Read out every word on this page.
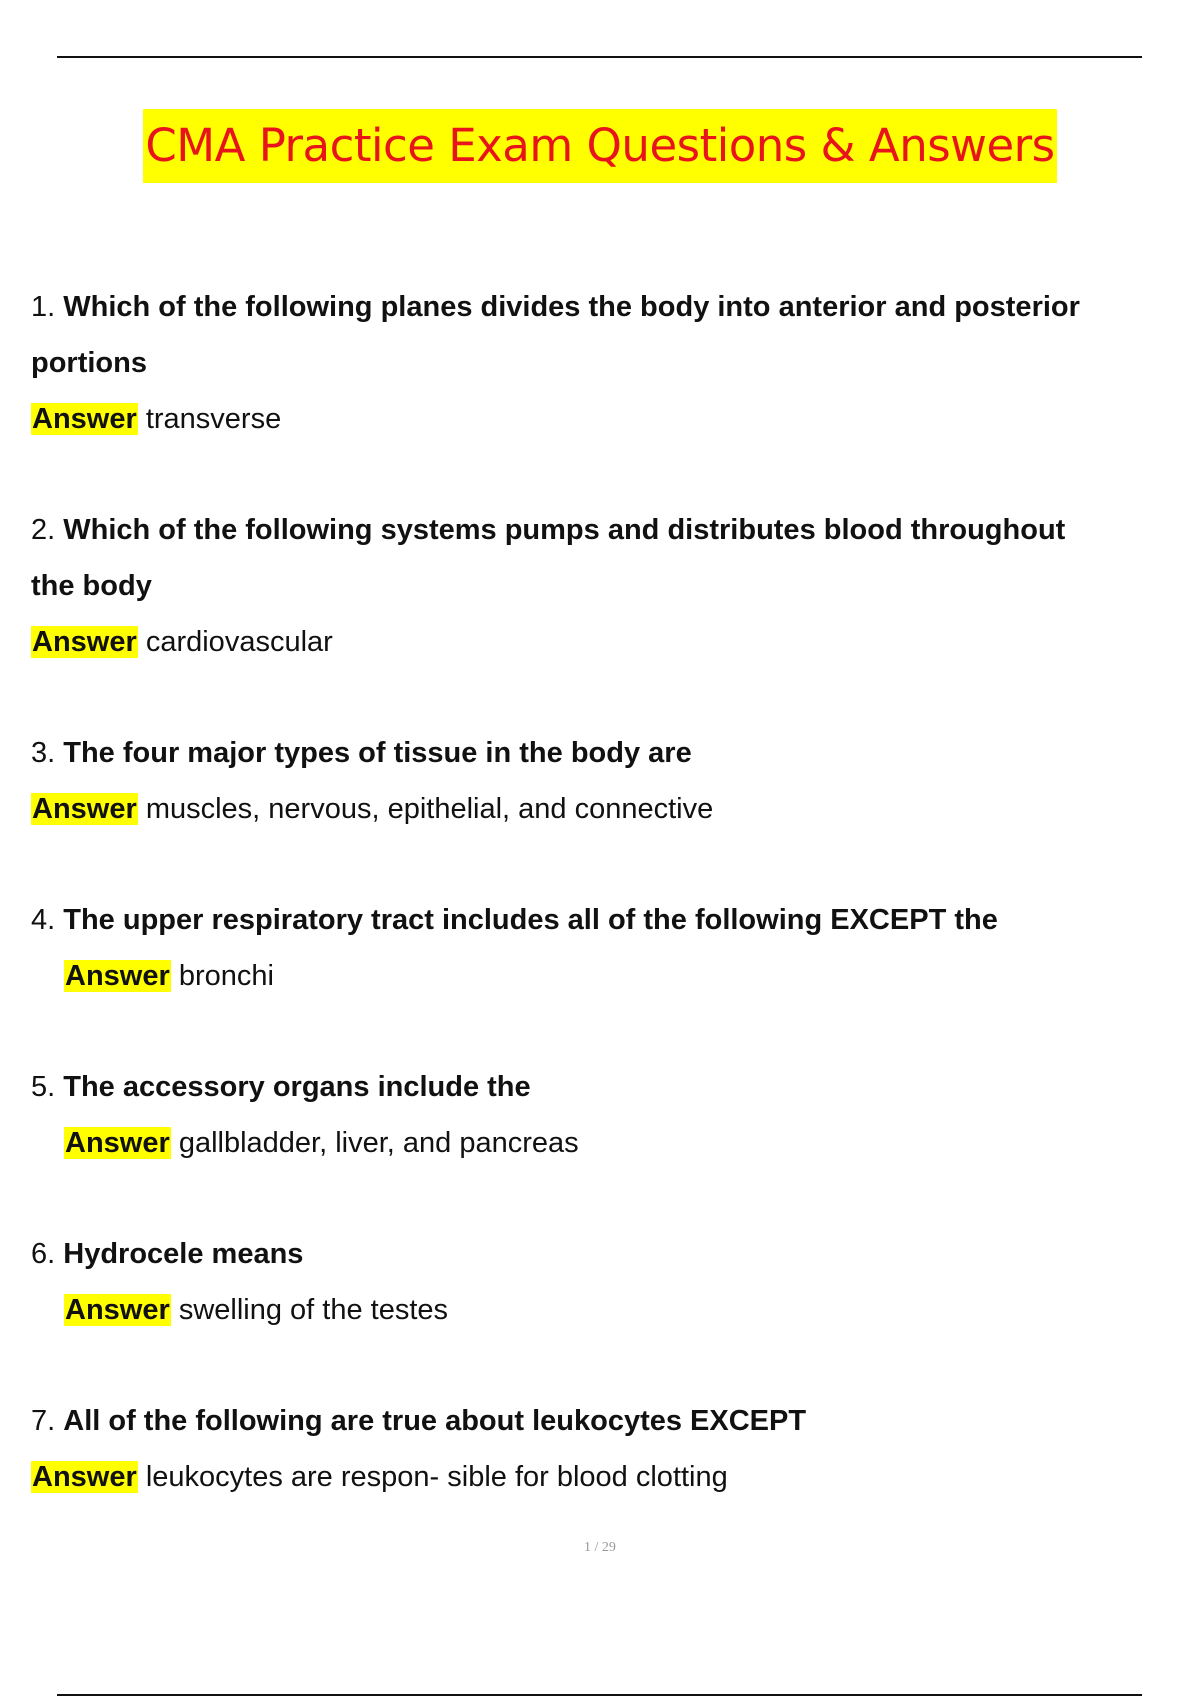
CMA Practice Exam Questions & Answers
1. Which of the following planes divides the body into anterior and posterior
portions
Answer transverse
2. Which of the following systems pumps and distributes blood throughout
the body
Answer cardiovascular
3. The four major types of tissue in the body are
Answer muscles, nervous, epithelial, and connective
4. The upper respiratory tract includes all of the following EXCEPT the
Answer bronchi
5. The accessory organs include the
Answer gallbladder, liver, and pancreas
6. Hydrocele means
Answer swelling of the testes
7. All of the following are true about leukocytes EXCEPT
Answer leukocytes are respon- sible for blood clotting
1 / 29
